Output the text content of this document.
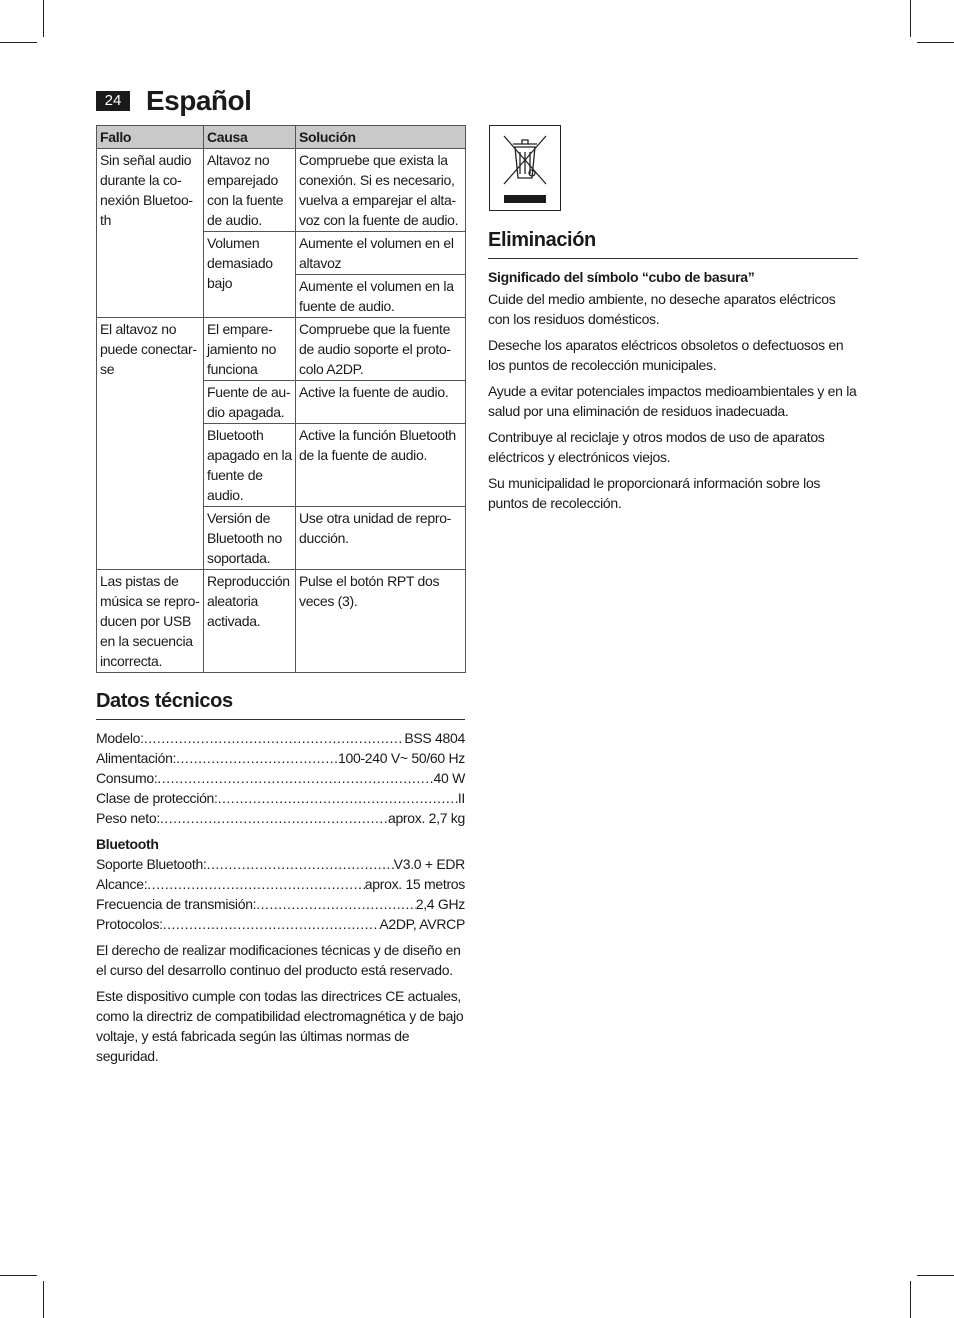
24 Español
Fallo	Causa	Solución
Sin señal audio durante la co-nexión Bluetoo-th	Altavoz no emparejado con la fuente de audio.	Compruebe que exista la conexión. Si es necesario, vuelva a emparejar el alta-voz con la fuente de audio.
	Volumen demasiado bajo	Aumente el volumen en el altavoz
		Aumente el volumen en la fuente de audio.
El altavoz no puede conectar-se	El empare-jamiento no funciona	Compruebe que la fuente de audio soporte el proto-colo A2DP.
	Fuente de au-dio apagada.	Active la fuente de audio.
	Bluetooth apagado en la fuente de audio.	Active la función Bluetooth de la fuente de audio.
	Versión de Bluetooth no soportada.	Use otra unidad de repro-ducción.
Las pistas de música se repro-ducen por USB en la secuencia incorrecta.	Reproducción aleatoria activada.	Pulse el botón RPT dos veces (3).
Datos técnicos
Modelo: .....	BSS 4804
Alimentación: .....	100-240 V~ 50/60 Hz
Consumo: .....	40 W
Clase de protección: .....	II
Peso neto: .....	aprox. 2,7 kg
Bluetooth
Soporte Bluetooth: .....	V3.0 + EDR
Alcance: .....	aprox. 15 metros
Frecuencia de transmisión: .....	2,4 GHz
Protocolos: .....	A2DP, AVRCP

El derecho de realizar modificaciones técnicas y de diseño en el curso del desarrollo continuo del producto está reservado.

Este dispositivo cumple con todas las directrices CE actuales, como la directriz de compatibilidad electromagnética y de bajo voltaje, y está fabricada según las últimas normas de seguridad.

Eliminación
Significado del símbolo “cubo de basura”

Cuide del medio ambiente, no deseche aparatos eléctricos con los residuos domésticos.

Deseche los aparatos eléctricos obsoletos o defectuosos en los puntos de recolección municipales.

Ayude a evitar potenciales impactos medioambientales y en la salud por una eliminación de residuos inadecuada.

Contribuye al reciclaje y otros modos de uso de aparatos eléctricos y electrónicos viejos.

Su municipalidad le proporcionará información sobre los puntos de recolección.
